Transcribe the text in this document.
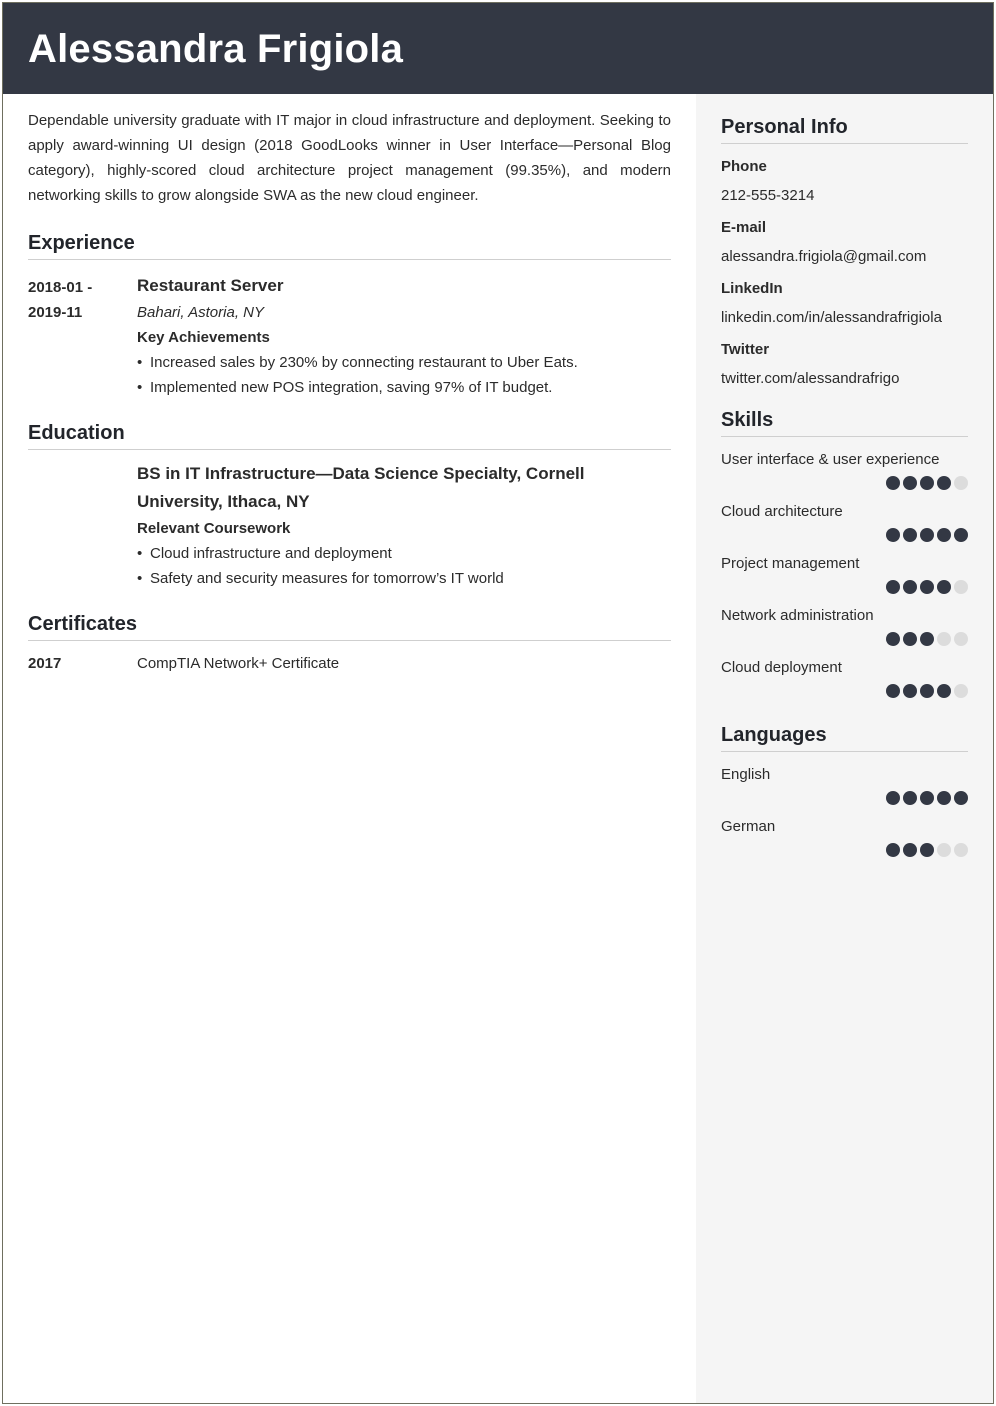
Alessandra Frigiola

Dependable university graduate with IT major in cloud infrastructure and deployment. Seeking to apply award-winning UI design (2018 GoodLooks winner in User Interface—Personal Blog category), highly-scored cloud architecture project management (99.35%), and modern networking skills to grow alongside SWA as the new cloud engineer.

Experience
2018-01 -
2019-11
Restaurant Server
Bahari, Astoria, NY
Key Achievements
• Increased sales by 230% by connecting restaurant to Uber Eats.
• Implemented new POS integration, saving 97% of IT budget.
Education
BS in IT Infrastructure—Data Science Specialty, Cornell University, Ithaca, NY
Relevant Coursework
• Cloud infrastructure and deployment
• Safety and security measures for tomorrow’s IT world
Certificates
2017	CompTIA Network+ Certificate
Personal Info
Phone
212-555-3214
E-mail
alessandra.frigiola@gmail.com
LinkedIn
linkedin.com/in/alessandrafrigiola
Twitter
twitter.com/alessandrafrigo
Skills
User interface & user experience
Cloud architecture
Project management
Network administration
Cloud deployment
Languages
English
German
